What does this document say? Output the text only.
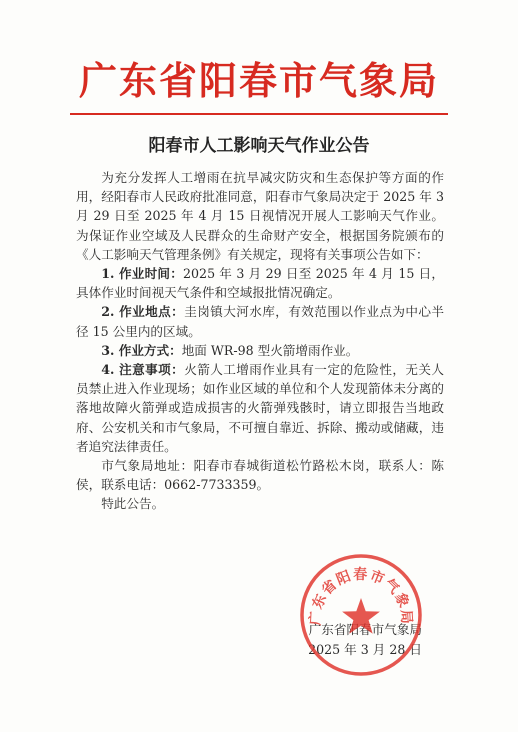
广东省阳春市气象局
阳春市人工影响天气作业公告

为充分发挥人工增雨在抗旱减灾防灾和生态保护等方面的作用，经阳春市人民政府批准同意，阳春市气象局决定于 2025 年 3 月 29 日至 2025 年 4 月 15 日视情况开展人工影响天气作业。为保证作业空域及人民群众的生命财产安全，根据国务院颁布的《人工影响天气管理条例》有关规定，现将有关事项公告如下：

1. 作业时间：2025 年 3 月 29 日至 2025 年 4 月 15 日，具体作业时间视天气条件和空域报批情况确定。

2. 作业地点：圭岗镇大河水库，有效范围以作业点为中心半径 15 公里内的区域。

3. 作业方式：地面 WR-98 型火箭增雨作业。

4. 注意事项：火箭人工增雨作业具有一定的危险性，无关人员禁止进入作业现场；如作业区域的单位和个人发现箭体未分离的落地故障火箭弹或造成损害的火箭弹残骸时，请立即报告当地政府、公安机关和市气象局，不可擅自靠近、拆除、搬动或储藏，违者追究法律责任。

市气象局地址：阳春市春城街道松竹路松木岗，联系人：陈侯，联系电话：0662-7733359。

特此公告。

广东省阳春市气象局
2025 年 3 月 28 日
广东省阳春市气象局
